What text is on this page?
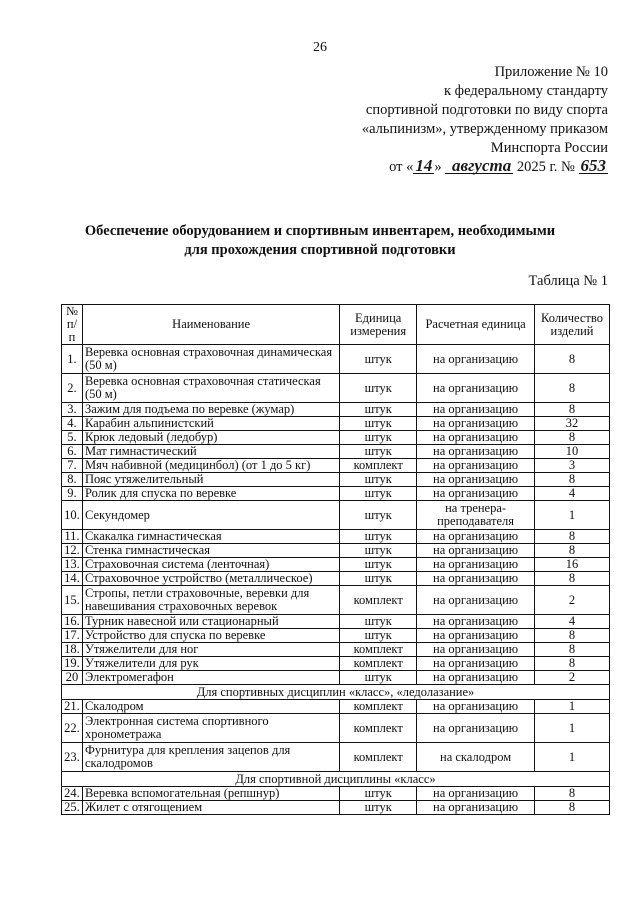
26
Приложение № 10
к федеральному стандарту
спортивной подготовки по виду спорта
«альпинизм», утвержденному приказом
Минспорта России
от « 14 » августа 2025 г. № 653
Обеспечение оборудованием и спортивным инвентарем, необходимыми
для прохождения спортивной подготовки
Таблица № 1
№ п/п	Наименование	Единица измерения	Расчетная единица	Количество изделий
1.	Веревка основная страховочная динамическая (50 м)	штук	на организацию	8
2.	Веревка основная страховочная статическая (50 м)	штук	на организацию	8
3.	Зажим для подъема по веревке (жумар)	штук	на организацию	8
4.	Карабин альпинистский	штук	на организацию	32
5.	Крюк ледовый (ледобур)	штук	на организацию	8
6.	Мат гимнастический	штук	на организацию	10
7.	Мяч набивной (медицинбол) (от 1 до 5 кг)	комплект	на организацию	3
8.	Пояс утяжелительный	штук	на организацию	8
9.	Ролик для спуска по веревке	штук	на организацию	4
10.	Секундомер	штук	на тренера-преподавателя	1
11.	Скакалка гимнастическая	штук	на организацию	8
12.	Стенка гимнастическая	штук	на организацию	8
13.	Страховочная система (ленточная)	штук	на организацию	16
14.	Страховочное устройство (металлическое)	штук	на организацию	8
15.	Стропы, петли страховочные, веревки для навешивания страховочных веревок	комплект	на организацию	2
16.	Турник навесной или стационарный	штук	на организацию	4
17.	Устройство для спуска по веревке	штук	на организацию	8
18.	Утяжелители для ног	комплект	на организацию	8
19.	Утяжелители для рук	комплект	на организацию	8
20	Электромегафон	штук	на организацию	2
Для спортивных дисциплин «класс», «ледолазание»				
21.	Скалодром	комплект	на организацию	1
22.	Электронная система спортивного хронометража	комплект	на организацию	1
23.	Фурнитура для крепления зацепов для скалодромов	комплект	на скалодром	1
Для спортивной дисциплины «класс»				
24.	Веревка вспомогательная (репшнур)	штук	на организацию	8
25.	Жилет с отягощением	штук	на организацию	8
